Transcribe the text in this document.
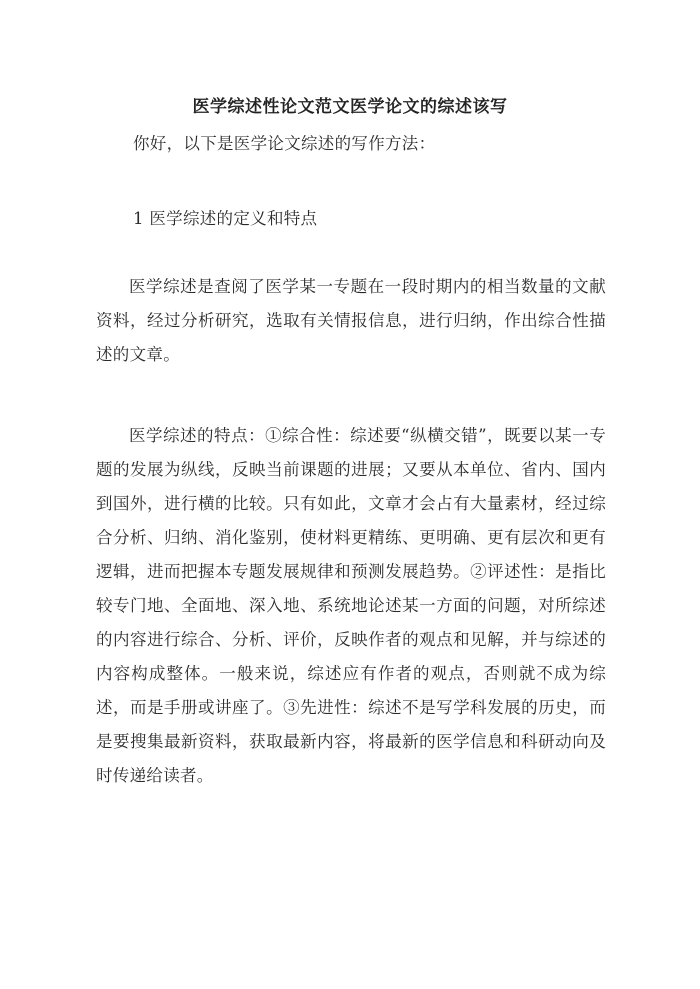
医学综述性论文范文医学论文的综述该写
你好，以下是医学论文综述的写作方法：
1 医学综述的定义和特点
医学综述是查阅了医学某一专题在一段时期内的相当数量的文献资料，经过分析研究，选取有关情报信息，进行归纳，作出综合性描述的文章。
医学综述的特点：①综合性：综述要“纵横交错”，既要以某一专题的发展为纵线，反映当前课题的进展；又要从本单位、省内、国内到国外，进行横的比较。只有如此，文章才会占有大量素材，经过综合分析、归纳、消化鉴别，使材料更精练、更明确、更有层次和更有逻辑，进而把握本专题发展规律和预测发展趋势。②评述性：是指比较专门地、全面地、深入地、系统地论述某一方面的问题，对所综述的内容进行综合、分析、评价，反映作者的观点和见解，并与综述的内容构成整体。一般来说，综述应有作者的观点，否则就不成为综述，而是手册或讲座了。③先进性：综述不是写学科发展的历史，而是要搜集最新资料，获取最新内容，将最新的医学信息和科研动向及时传递给读者。
